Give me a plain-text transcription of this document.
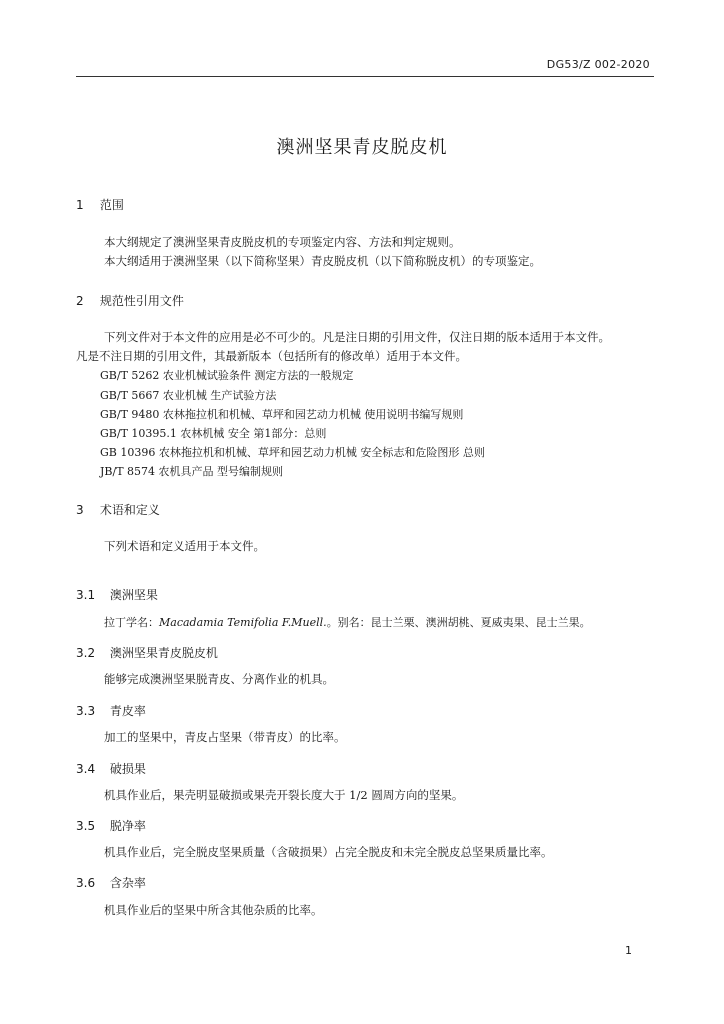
DG53/Z 002-2020
澳洲坚果青皮脱皮机
1 范围
本大纲规定了澳洲坚果青皮脱皮机的专项鉴定内容、方法和判定规则。
本大纲适用于澳洲坚果（以下简称坚果）青皮脱皮机（以下简称脱皮机）的专项鉴定。
2 规范性引用文件
下列文件对于本文件的应用是必不可少的。凡是注日期的引用文件，仅注日期的版本适用于本文件。
凡是不注日期的引用文件，其最新版本（包括所有的修改单）适用于本文件。
GB/T 5262 农业机械试验条件 测定方法的一般规定
GB/T 5667 农业机械 生产试验方法
GB/T 9480 农林拖拉机和机械、草坪和园艺动力机械 使用说明书编写规则
GB/T 10395.1 农林机械 安全 第1部分：总则
GB 10396 农林拖拉机和机械、草坪和园艺动力机械 安全标志和危险图形 总则
JB/T 8574 农机具产品 型号编制规则
3 术语和定义
下列术语和定义适用于本文件。
3.1 澳洲坚果
拉丁学名：Macadamia Temifolia F.Muell.。别名：昆士兰栗、澳洲胡桃、夏威夷果、昆士兰果。
3.2 澳洲坚果青皮脱皮机
能够完成澳洲坚果脱青皮、分离作业的机具。
3.3 青皮率
加工的坚果中，青皮占坚果（带青皮）的比率。
3.4 破损果
机具作业后，果壳明显破损或果壳开裂长度大于 1/2 圆周方向的坚果。
3.5 脱净率
机具作业后，完全脱皮坚果质量（含破损果）占完全脱皮和未完全脱皮总坚果质量比率。
3.6 含杂率
机具作业后的坚果中所含其他杂质的比率。
1
